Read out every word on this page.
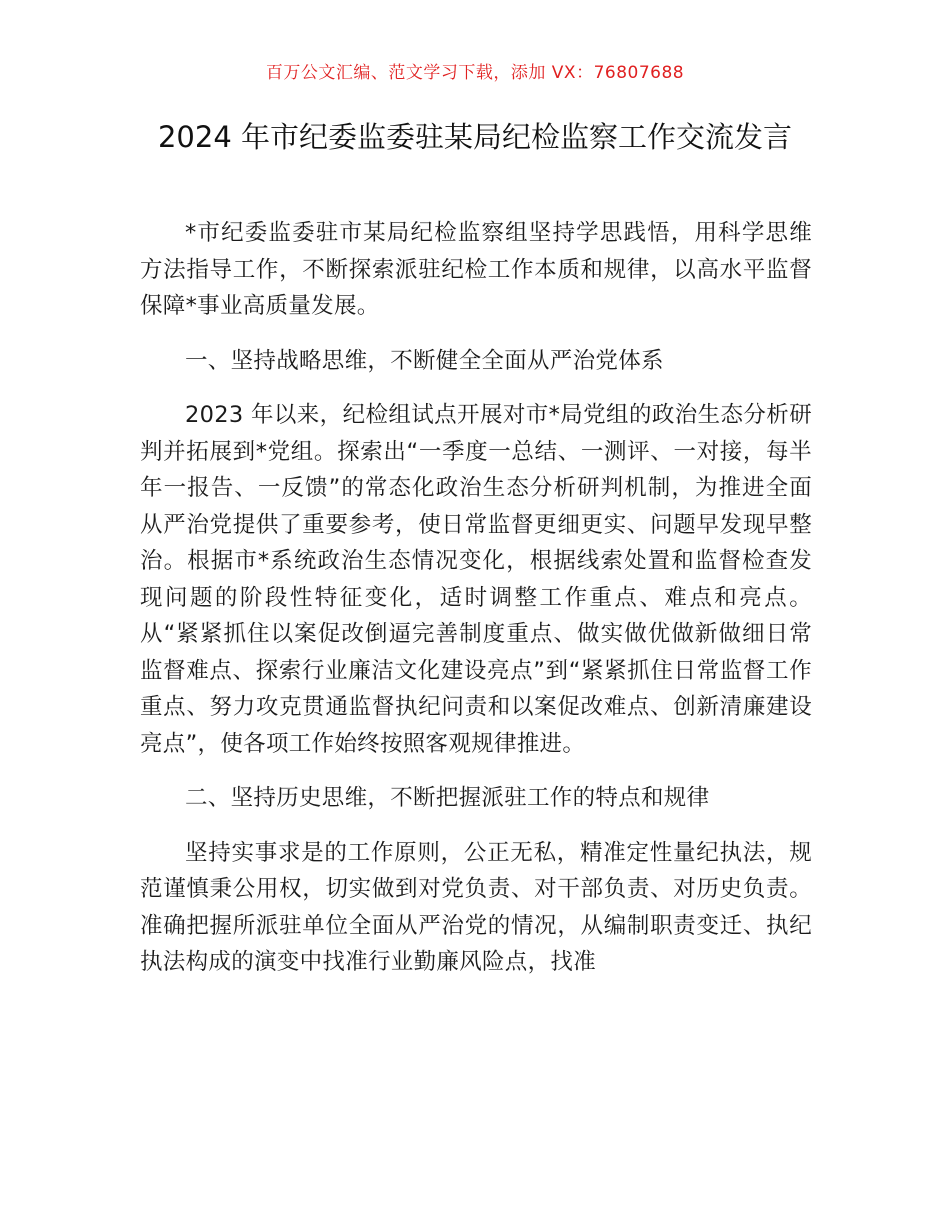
百万公文汇编、范文学习下载，添加 VX：76807688
2024 年市纪委监委驻某局纪检监察工作交流发言

*市纪委监委驻市某局纪检监察组坚持学思践悟，用科学思维方法指导工作，不断探索派驻纪检工作本质和规律，以高水平监督保障*事业高质量发展。

一、坚持战略思维，不断健全全面从严治党体系

2023 年以来，纪检组试点开展对市*局党组的政治生态分析研判并拓展到*党组。探索出“一季度一总结、一测评、一对接，每半年一报告、一反馈”的常态化政治生态分析研判机制，为推进全面从严治党提供了重要参考，使日常监督更细更实、问题早发现早整治。根据市*系统政治生态情况变化，根据线索处置和监督检查发现问题的阶段性特征变化，适时调整工作重点、难点和亮点。从“紧紧抓住以案促改倒逼完善制度重点、做实做优做新做细日常监督难点、探索行业廉洁文化建设亮点”到“紧紧抓住日常监督工作重点、努力攻克贯通监督执纪问责和以案促改难点、创新清廉建设亮点”，使各项工作始终按照客观规律推进。

二、坚持历史思维，不断把握派驻工作的特点和规律

坚持实事求是的工作原则，公正无私，精准定性量纪执法，规范谨慎秉公用权，切实做到对党负责、对干部负责、对历史负责。准确把握所派驻单位全面从严治党的情况，从编制职责变迁、执纪执法构成的演变中找准行业勤廉风险点，找准
